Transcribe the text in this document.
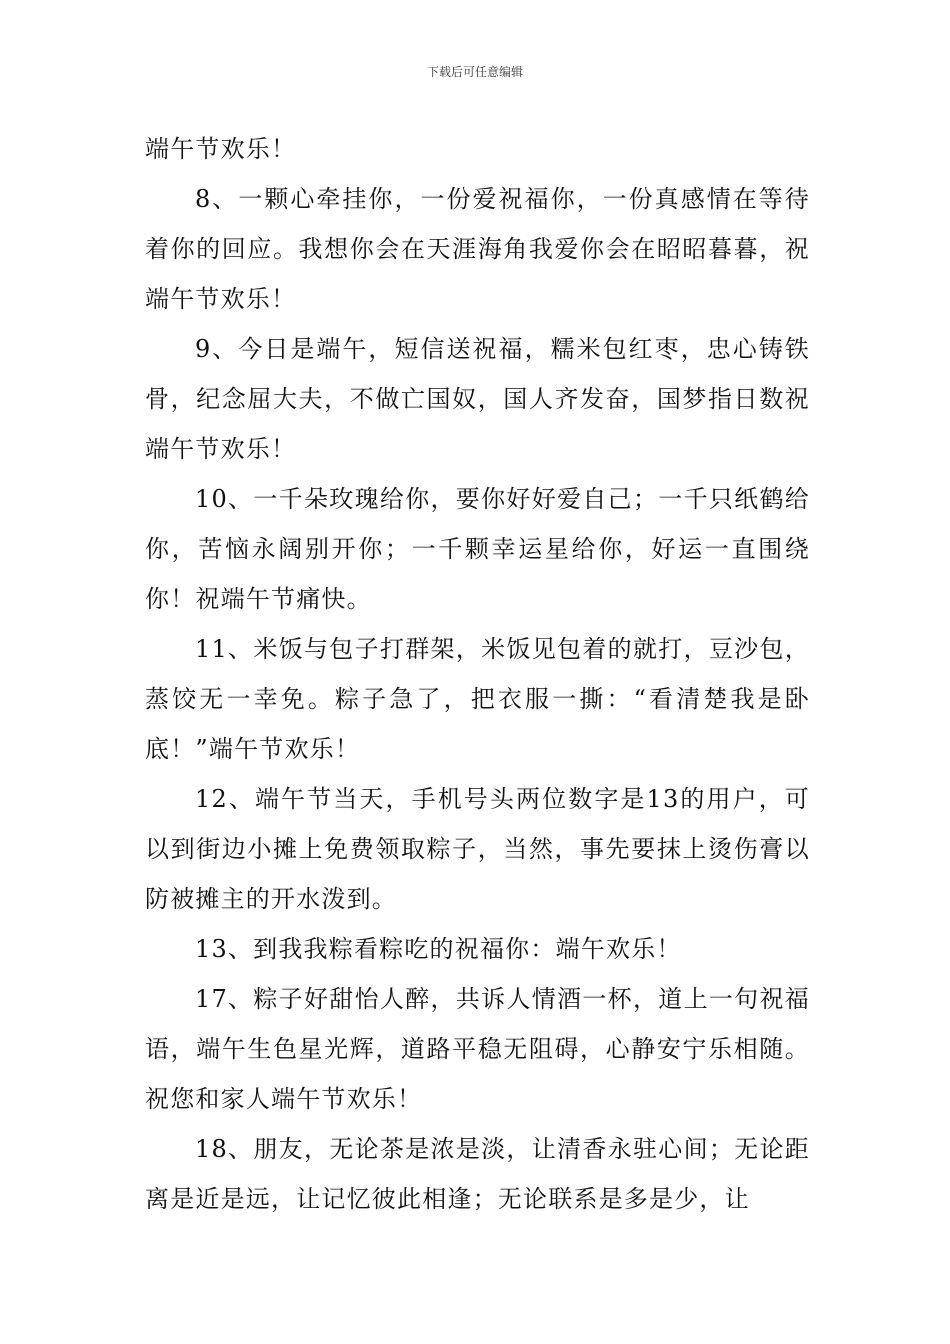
下载后可任意编辑

端午节欢乐！

8、一颗心牵挂你，一份爱祝福你，一份真感情在等待着你的回应。我想你会在天涯海角我爱你会在昭昭暮暮，祝端午节欢乐！

9、今日是端午，短信送祝福，糯米包红枣，忠心铸铁骨，纪念屈大夫，不做亡国奴，国人齐发奋，国梦指日数祝端午节欢乐！

10、一千朵玫瑰给你，要你好好爱自己；一千只纸鹤给你，苦恼永阔别开你；一千颗幸运星给你，好运一直围绕你！祝端午节痛快。

11、米饭与包子打群架，米饭见包着的就打，豆沙包，蒸饺无一幸免。粽子急了，把衣服一撕：“看清楚我是卧底！”端午节欢乐！

12、端午节当天，手机号头两位数字是13的用户，可以到街边小摊上免费领取粽子，当然，事先要抹上烫伤膏以防被摊主的开水泼到。

13、到我我粽看粽吃的祝福你：端午欢乐！

17、粽子好甜怡人醉，共诉人情酒一杯，道上一句祝福语，端午生色星光辉，道路平稳无阻碍，心静安宁乐相随。祝您和家人端午节欢乐！

18、朋友，无论茶是浓是淡，让清香永驻心间；无论距离是近是远，让记忆彼此相逢；无论联系是多是少，让
